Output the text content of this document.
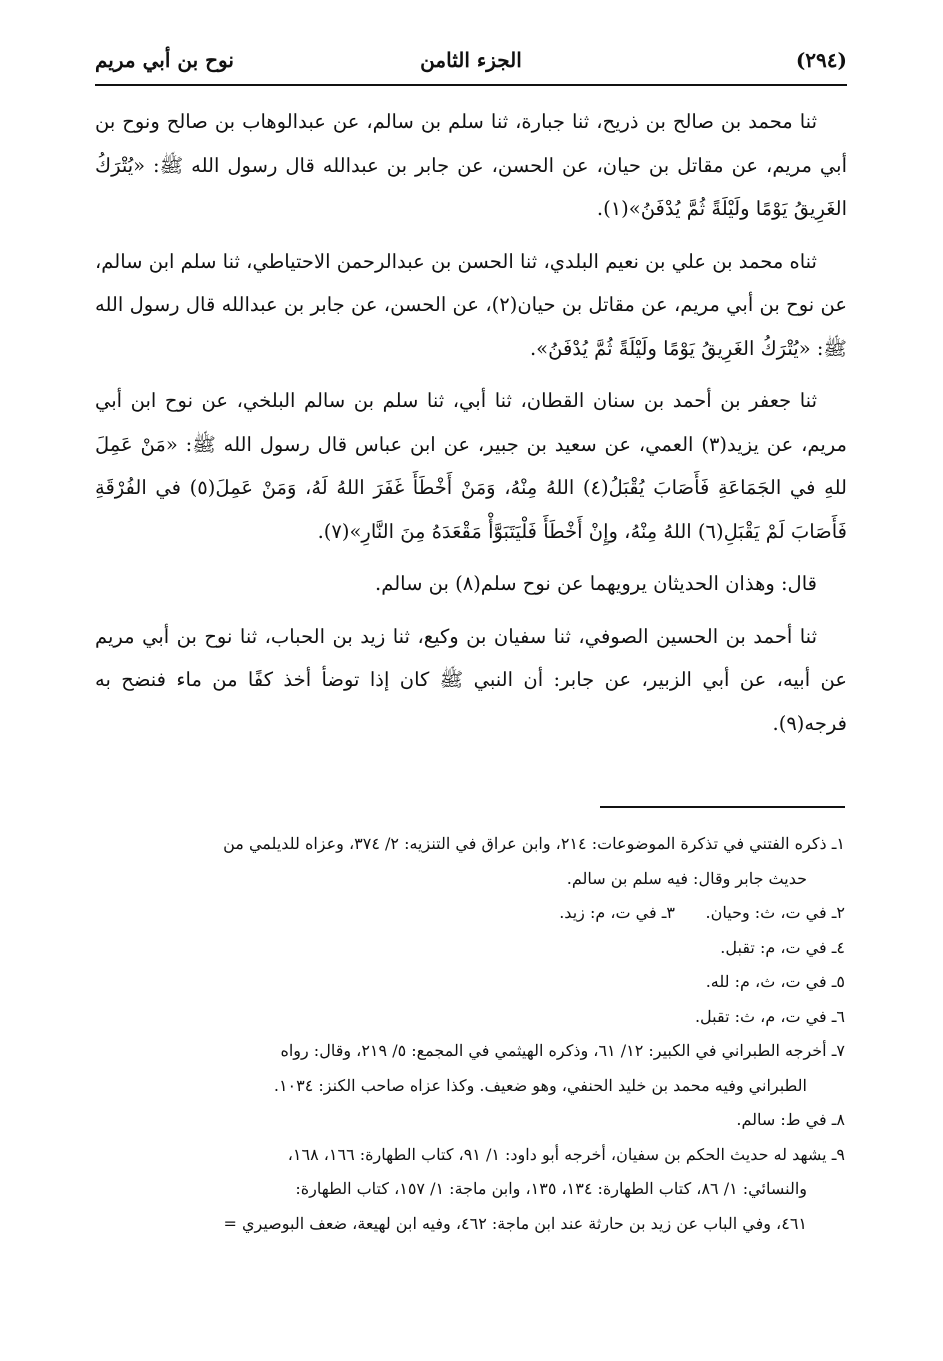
(٢٩٤)
الجزء الثامن
نوح بن أبي مريم

ثنا محمد بن صالح بن ذريح، ثنا جبارة، ثنا سلم بن سالم، عن عبدالوهاب بن صالح ونوح بن أبي مريم، عن مقاتل بن حيان، عن الحسن، عن جابر بن عبدالله قال رسول الله ﷺ: «يُتْرَكُ الغَرِيقُ يَوْمًا ولَيْلَةً ثُمَّ يُدْفَنُ»(١).

ثناه محمد بن علي بن نعيم البلدي، ثنا الحسن بن عبدالرحمن الاحتياطي، ثنا سلم ابن سالم، عن نوح بن أبي مريم، عن مقاتل بن حيان(٢)، عن الحسن، عن جابر بن عبدالله قال رسول الله ﷺ: «يُتْرَكُ الغَرِيقُ يَوْمًا ولَيْلَةً ثُمَّ يُدْفَنُ».

ثنا جعفر بن أحمد بن سنان القطان، ثنا أبي، ثنا سلم بن سالم البلخي، عن نوح ابن أبي مريم، عن يزيد(٣) العمي، عن سعيد بن جبير، عن ابن عباس قال رسول الله ﷺ: «مَنْ عَمِلَ للهِ في الجَمَاعَةِ فَأَصَابَ يُقْبَلُ(٤) اللهُ مِنْهُ، وَمَنْ أَخْطَأَ غَفَرَ اللهُ لَهُ، وَمَنْ عَمِلَ(٥) في الفُرْقَةِ فَأَصَابَ لَمْ يَقْبَلِ(٦) اللهُ مِنْهُ، وإِنْ أَخْطَأَ فَلْيَتَبَوَّأْ مَقْعَدَهُ مِنَ النَّارِ»(٧).

قال: وهذان الحديثان يرويهما عن نوح سلم(٨) بن سالم.

ثنا أحمد بن الحسين الصوفي، ثنا سفيان بن وكيع، ثنا زيد بن الحباب، ثنا نوح بن أبي مريم عن أبيه، عن أبي الزبير، عن جابر: أن النبي ﷺ كان إذا توضأ أخذ كفًا من ماء فنضح به فرجه(٩).

١ـ ذكره الفتني في تذكرة الموضوعات: ٢١٤، وابن عراق في التنزيه: ٢/ ٣٧٤، وعزاه للديلمي من
حديث جابر وقال: فيه سلم بن سالم.
٢ـ في ت، ث: وحيان.
٣ـ في ت، م: زيد.
٤ـ في ت، م: تقبل.
٥ـ في ت، ث، م: لله.
٦ـ في ت، م، ث: تقبل.
٧ـ أخرجه الطبراني في الكبير: ١٢/ ٦١، وذكره الهيثمي في المجمع: ٥/ ٢١٩، وقال: رواه
الطبراني وفيه محمد بن خليد الحنفي، وهو ضعيف. وكذا عزاه صاحب الكنز: ١٠٣٤.
٨ـ في ط: سالم.
٩ـ يشهد له حديث الحكم بن سفيان، أخرجه أبو داود: ١/ ٩١، كتاب الطهارة: ١٦٦، ١٦٨،
والنسائي: ١/ ٨٦، كتاب الطهارة: ١٣٤، ١٣٥، وابن ماجة: ١/ ١٥٧، كتاب الطهارة:
٤٦١، وفي الباب عن زيد بن حارثة عند ابن ماجة: ٤٦٢، وفيه ابن لهيعة، ضعف البوصيري =
